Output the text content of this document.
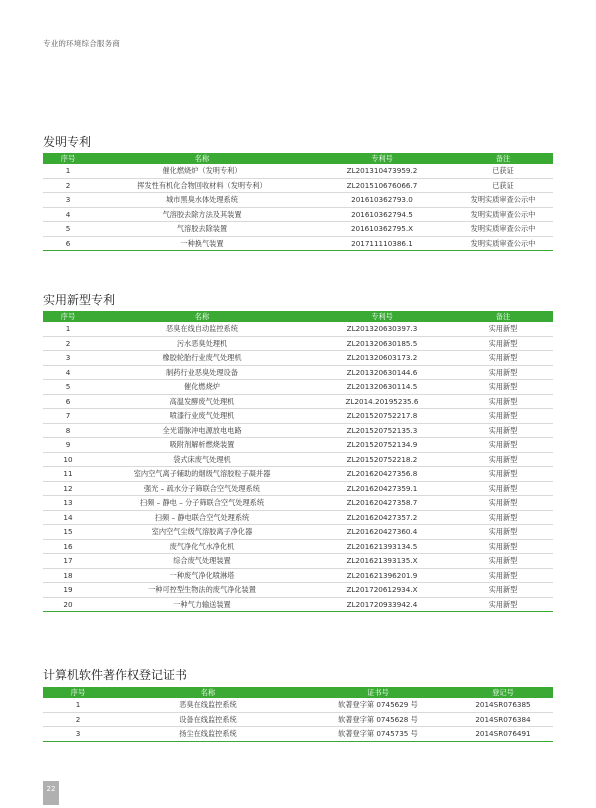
专业的环境综合服务商
发明专利
序号	名称	专利号	备注
1	催化燃烧炉（发明专利）	ZL201310473959.2	已获证
2	挥发性有机化合物回收材料（发明专利）	ZL201510676066.7	已获证
3	城市黑臭水体处理系统	201610362793.0	发明实质审查公示中
4	气溶胶去除方法及其装置	201610362794.5	发明实质审查公示中
5	气溶胶去除装置	201610362795.X	发明实质审查公示中
6	一种换气装置	201711110386.1	发明实质审查公示中
实用新型专利
序号	名称	专利号	备注
1	恶臭在线自动监控系统	ZL201320630397.3	实用新型
2	污水恶臭处理机	ZL201320630185.5	实用新型
3	橡胶轮胎行业废气处理机	ZL201320603173.2	实用新型
4	制药行业恶臭处理设备	ZL201320630144.6	实用新型
5	催化燃烧炉	ZL201320630114.5	实用新型
6	高温发酵废气处理机	ZL2014.20195235.6	实用新型
7	喷漆行业废气处理机	ZL201520752217.8	实用新型
8	全光谱脉冲电源放电电路	ZL201520752135.3	实用新型
9	吸附剂解析燃烧装置	ZL201520752134.9	实用新型
10	袋式床废气处理机	ZL201520752218.2	实用新型
11	室内空气离子辅助的烟级气溶胶粒子凝并器	ZL201620427356.8	实用新型
12	强光 – 疏水分子筛联合空气处理系统	ZL201620427359.1	实用新型
13	扫频 – 静电 – 分子筛联合空气处理系统	ZL201620427358.7	实用新型
14	扫频 – 静电联合空气处理系统	ZL201620427357.2	实用新型
15	室内空气尘级气溶胶离子净化器	ZL201620427360.4	实用新型
16	废气净化气水净化机	ZL201621393134.5	实用新型
17	综合废气处理装置	ZL201621393135.X	实用新型
18	一种废气净化喷淋塔	ZL201621396201.9	实用新型
19	一种可控型生物法的废气净化装置	ZL201720612934.X	实用新型
20	一种气力输送装置	ZL201720933942.4	实用新型
计算机软件著作权登记证书
序号	名称	证书号	登记号
1	恶臭在线监控系统	软著登字第 0745629 号	2014SR076385
2	设备在线监控系统	软著登字第 0745628 号	2014SR076384
3	扬尘在线监控系统	软著登字第 0745735 号	2014SR076491
22
